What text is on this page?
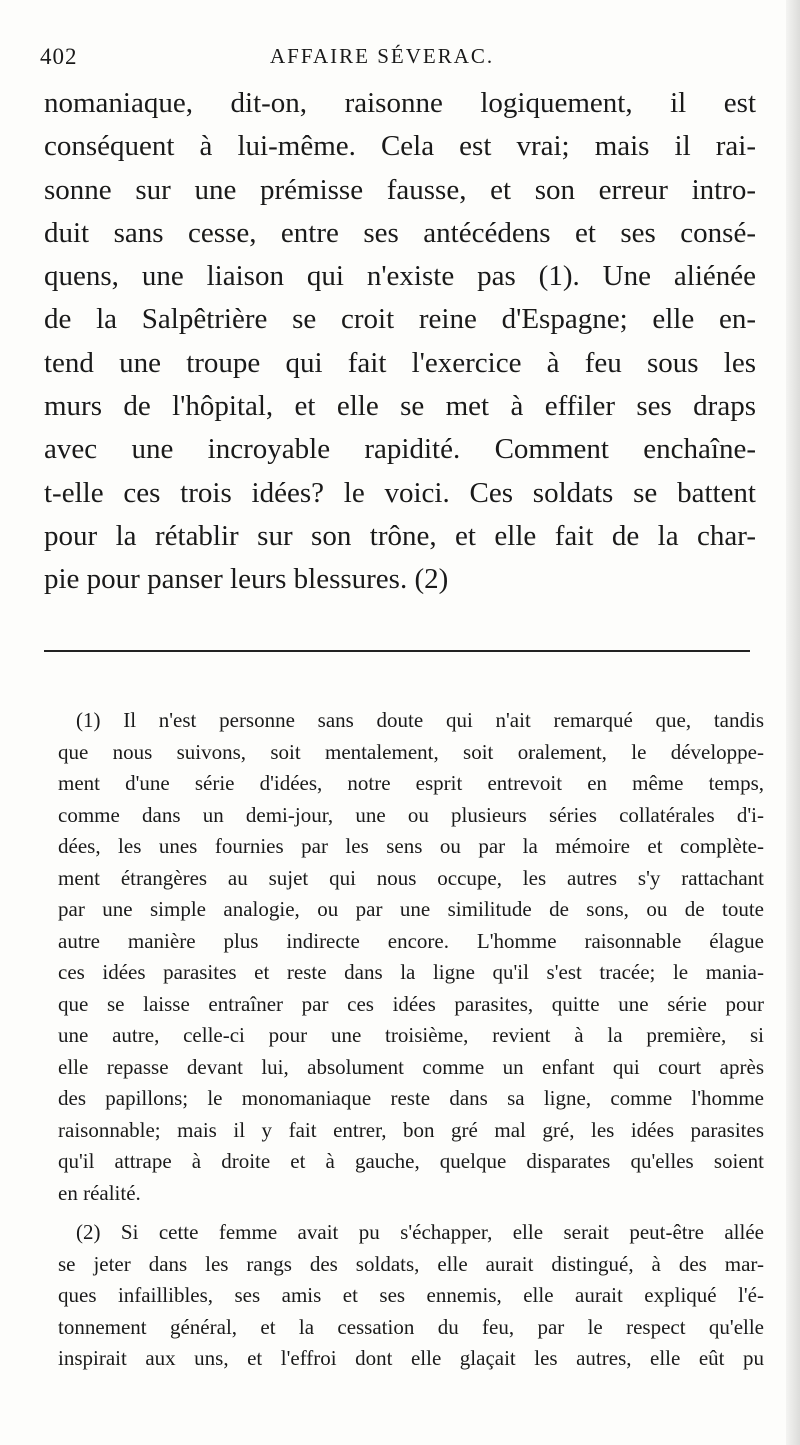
402	AFFAIRE SÉVERAC.
nomaniaque, dit-on, raisonne logiquement, il est
conséquent à lui-même. Cela est vrai; mais il rai-
sonne sur une prémisse fausse, et son erreur intro-
duit sans cesse, entre ses antécédens et ses consé-
quens, une liaison qui n'existe pas (1). Une aliénée
de la Salpêtrière se croit reine d'Espagne; elle en-
tend une troupe qui fait l'exercice à feu sous les
murs de l'hôpital, et elle se met à effiler ses draps
avec une incroyable rapidité. Comment enchaîne-
t-elle ces trois idées? le voici. Ces soldats se battent
pour la rétablir sur son trône, et elle fait de la char-
pie pour panser leurs blessures. (2)
(1) Il n'est personne sans doute qui n'ait remarqué que, tandis
que nous suivons, soit mentalement, soit oralement, le développe-
ment d'une série d'idées, notre esprit entrevoit en même temps,
comme dans un demi-jour, une ou plusieurs séries collatérales d'i-
dées, les unes fournies par les sens ou par la mémoire et complète-
ment étrangères au sujet qui nous occupe, les autres s'y rattachant
par une simple analogie, ou par une similitude de sons, ou de toute
autre manière plus indirecte encore. L'homme raisonnable élague
ces idées parasites et reste dans la ligne qu'il s'est tracée; le mania-
que se laisse entraîner par ces idées parasites, quitte une série pour
une autre, celle-ci pour une troisième, revient à la première, si
elle repasse devant lui, absolument comme un enfant qui court après
des papillons; le monomaniaque reste dans sa ligne, comme l'homme
raisonnable; mais il y fait entrer, bon gré mal gré, les idées parasites
qu'il attrape à droite et à gauche, quelque disparates qu'elles soient
en réalité.
(2) Si cette femme avait pu s'échapper, elle serait peut-être allée
se jeter dans les rangs des soldats, elle aurait distingué, à des mar-
ques infaillibles, ses amis et ses ennemis, elle aurait expliqué l'é-
tonnement général, et la cessation du feu, par le respect qu'elle
inspirait aux uns, et l'effroi dont elle glaçait les autres, elle eût pu
